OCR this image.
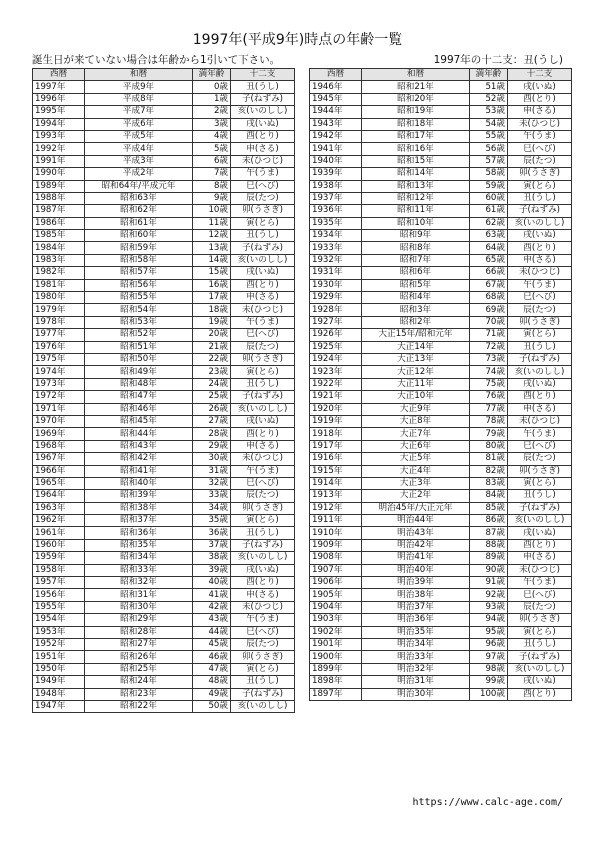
1997年(平成9年)時点の年齢一覧
誕生日が来ていない場合は年齢から1引いて下さい。	1997年の十二支：丑(うし)
西暦	和暦	満年齢	十二支
1997年	平成9年	0歳	丑(うし)
1996年	平成8年	1歳	子(ねずみ)
1995年	平成7年	2歳	亥(いのしし)
1994年	平成6年	3歳	戌(いぬ)
1993年	平成5年	4歳	酉(とり)
1992年	平成4年	5歳	申(さる)
1991年	平成3年	6歳	未(ひつじ)
1990年	平成2年	7歳	午(うま)
1989年	昭和64年/平成元年	8歳	巳(へび)
1988年	昭和63年	9歳	辰(たつ)
1987年	昭和62年	10歳	卯(うさぎ)
1986年	昭和61年	11歳	寅(とら)
1985年	昭和60年	12歳	丑(うし)
1984年	昭和59年	13歳	子(ねずみ)
1983年	昭和58年	14歳	亥(いのしし)
1982年	昭和57年	15歳	戌(いぬ)
1981年	昭和56年	16歳	酉(とり)
1980年	昭和55年	17歳	申(さる)
1979年	昭和54年	18歳	未(ひつじ)
1978年	昭和53年	19歳	午(うま)
1977年	昭和52年	20歳	巳(へび)
1976年	昭和51年	21歳	辰(たつ)
1975年	昭和50年	22歳	卯(うさぎ)
1974年	昭和49年	23歳	寅(とら)
1973年	昭和48年	24歳	丑(うし)
1972年	昭和47年	25歳	子(ねずみ)
1971年	昭和46年	26歳	亥(いのしし)
1970年	昭和45年	27歳	戌(いぬ)
1969年	昭和44年	28歳	酉(とり)
1968年	昭和43年	29歳	申(さる)
1967年	昭和42年	30歳	未(ひつじ)
1966年	昭和41年	31歳	午(うま)
1965年	昭和40年	32歳	巳(へび)
1964年	昭和39年	33歳	辰(たつ)
1963年	昭和38年	34歳	卯(うさぎ)
1962年	昭和37年	35歳	寅(とら)
1961年	昭和36年	36歳	丑(うし)
1960年	昭和35年	37歳	子(ねずみ)
1959年	昭和34年	38歳	亥(いのしし)
1958年	昭和33年	39歳	戌(いぬ)
1957年	昭和32年	40歳	酉(とり)
1956年	昭和31年	41歳	申(さる)
1955年	昭和30年	42歳	未(ひつじ)
1954年	昭和29年	43歳	午(うま)
1953年	昭和28年	44歳	巳(へび)
1952年	昭和27年	45歳	辰(たつ)
1951年	昭和26年	46歳	卯(うさぎ)
1950年	昭和25年	47歳	寅(とら)
1949年	昭和24年	48歳	丑(うし)
1948年	昭和23年	49歳	子(ねずみ)
1947年	昭和22年	50歳	亥(いのしし)
西暦	和暦	満年齢	十二支
1946年	昭和21年	51歳	戌(いぬ)
1945年	昭和20年	52歳	酉(とり)
1944年	昭和19年	53歳	申(さる)
1943年	昭和18年	54歳	未(ひつじ)
1942年	昭和17年	55歳	午(うま)
1941年	昭和16年	56歳	巳(へび)
1940年	昭和15年	57歳	辰(たつ)
1939年	昭和14年	58歳	卯(うさぎ)
1938年	昭和13年	59歳	寅(とら)
1937年	昭和12年	60歳	丑(うし)
1936年	昭和11年	61歳	子(ねずみ)
1935年	昭和10年	62歳	亥(いのしし)
1934年	昭和9年	63歳	戌(いぬ)
1933年	昭和8年	64歳	酉(とり)
1932年	昭和7年	65歳	申(さる)
1931年	昭和6年	66歳	未(ひつじ)
1930年	昭和5年	67歳	午(うま)
1929年	昭和4年	68歳	巳(へび)
1928年	昭和3年	69歳	辰(たつ)
1927年	昭和2年	70歳	卯(うさぎ)
1926年	大正15年/昭和元年	71歳	寅(とら)
1925年	大正14年	72歳	丑(うし)
1924年	大正13年	73歳	子(ねずみ)
1923年	大正12年	74歳	亥(いのしし)
1922年	大正11年	75歳	戌(いぬ)
1921年	大正10年	76歳	酉(とり)
1920年	大正9年	77歳	申(さる)
1919年	大正8年	78歳	未(ひつじ)
1918年	大正7年	79歳	午(うま)
1917年	大正6年	80歳	巳(へび)
1916年	大正5年	81歳	辰(たつ)
1915年	大正4年	82歳	卯(うさぎ)
1914年	大正3年	83歳	寅(とら)
1913年	大正2年	84歳	丑(うし)
1912年	明治45年/大正元年	85歳	子(ねずみ)
1911年	明治44年	86歳	亥(いのしし)
1910年	明治43年	87歳	戌(いぬ)
1909年	明治42年	88歳	酉(とり)
1908年	明治41年	89歳	申(さる)
1907年	明治40年	90歳	未(ひつじ)
1906年	明治39年	91歳	午(うま)
1905年	明治38年	92歳	巳(へび)
1904年	明治37年	93歳	辰(たつ)
1903年	明治36年	94歳	卯(うさぎ)
1902年	明治35年	95歳	寅(とら)
1901年	明治34年	96歳	丑(うし)
1900年	明治33年	97歳	子(ねずみ)
1899年	明治32年	98歳	亥(いのしし)
1898年	明治31年	99歳	戌(いぬ)
1897年	明治30年	100歳	酉(とり)
https://www.calc-age.com/
